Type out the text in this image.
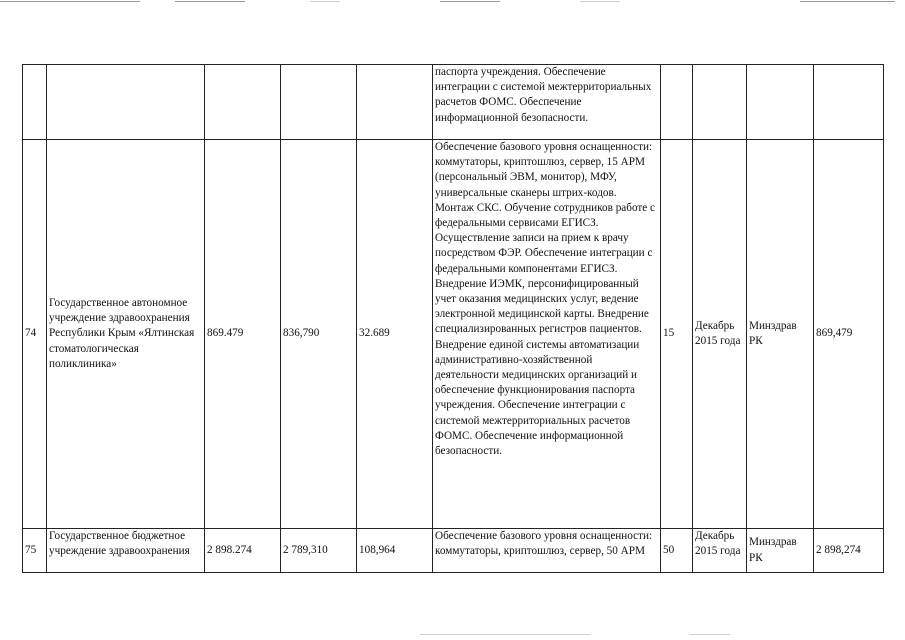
					паспорта учреждения. Обеспечение интеграции с системой межтерриториальных расчетов ФОМС. Обеспечение информационной безопасности.				
74	Государственное автономное учреждение здравоохранения Республики Крым «Ялтинская стоматологическая поликлиника»	869.479	836,790	32.689	Обеспечение базового уровня оснащенности: коммутаторы, криптошлюз, сервер, 15 АРМ (персональный ЭВМ, монитор), МФУ, универсальные сканеры штрих-кодов. Монтаж СКС. Обучение сотрудников работе с федеральными сервисами ЕГИСЗ. Осуществление записи на прием к врачу посредством ФЭР. Обеспечение интеграции с федеральными компонентами ЕГИСЗ. Внедрение ИЭМК, персонифицированный учет оказания медицинских услуг, ведение электронной медицинской карты. Внедрение специализированных регистров пациентов. Внедрение единой системы автоматизации административно-хозяйственной деятельности медицинских организаций и обеспечение функционирования паспорта учреждения. Обеспечение интеграции с системой межтерриториальных расчетов ФОМС. Обеспечение информационной безопасности.	15	Декабрь 2015 года	Минздрав РК	869,479
75	Государственное бюджетное учреждение здравоохранения	2 898.274	2 789,310	108,964	Обеспечение базового уровня оснащенности: коммутаторы, криптошлюз, сервер, 50 АРМ	50	Декабрь 2015 года	Минздрав РК	2 898,274
